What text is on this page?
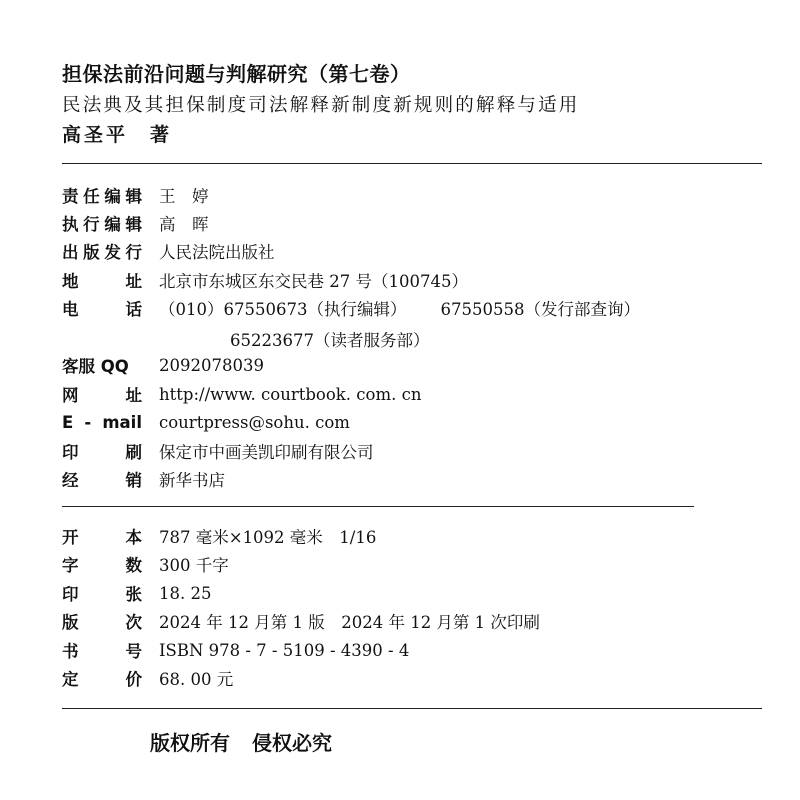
担保法前沿问题与判解研究（第七卷）
民法典及其担保制度司法解释新制度新规则的解释与适用
高圣平 著
责 任 编 辑 王　婷
执 行 编 辑 高　晖
出 版 发 行 人民法院出版社
地	址 北京市东城区东交民巷 27 号（100745）
电	话 （010）67550673（执行编辑） 67550558（发行部查询）
65223677（读者服务部）
客服 QQ	2092078039
网	址 http://www. courtbook. com. cn
E - mail courtpress@sohu. com
印	刷 保定市中画美凯印刷有限公司
经	销 新华书店
开	本 787 毫米×1092 毫米　1/16
字	数 300 千字
印	张 18. 25
版	次 2024 年 12 月第 1 版　2024 年 12 月第 1 次印刷
书	号 ISBN 978 - 7 - 5109 - 4390 - 4
定	价 68. 00 元
版权所有 侵权必究
